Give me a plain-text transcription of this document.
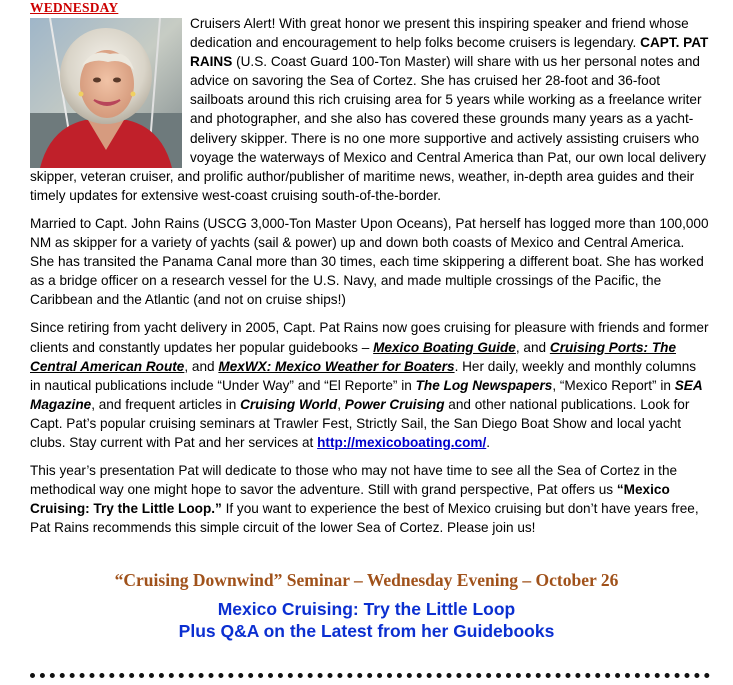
WEDNESDAY

Cruisers Alert! With great honor we present this inspiring speaker and friend whose dedication and encouragement to help folks become cruisers is legendary. CAPT. PAT RAINS (U.S. Coast Guard 100-Ton Master) will share with us her personal notes and advice on savoring the Sea of Cortez. She has cruised her 28-foot and 36-foot sailboats around this rich cruising area for 5 years while working as a freelance writer and photographer, and she also has covered these grounds many years as a yacht-delivery skipper. There is no one more supportive and actively assisting cruisers who voyage the waterways of Mexico and Central America than Pat, our own local delivery skipper, veteran cruiser, and prolific author/publisher of maritime news, weather, in-depth area guides and their timely updates for extensive west-coast cruising south-of-the-border.

Married to Capt. John Rains (USCG 3,000-Ton Master Upon Oceans), Pat herself has logged more than 100,000 NM as skipper for a variety of yachts (sail & power) up and down both coasts of Mexico and Central America. She has transited the Panama Canal more than 30 times, each time skippering a different boat. She has worked as a bridge officer on a research vessel for the U.S. Navy, and made multiple crossings of the Pacific, the Caribbean and the Atlantic (and not on cruise ships!)

Since retiring from yacht delivery in 2005, Capt. Pat Rains now goes cruising for pleasure with friends and former clients and constantly updates her popular guidebooks – Mexico Boating Guide, and Cruising Ports: The Central American Route, and MexWX: Mexico Weather for Boaters. Her daily, weekly and monthly columns in nautical publications include “Under Way” and “El Reporte” in The Log Newspapers, “Mexico Report” in SEA Magazine, and frequent articles in Cruising World, Power Cruising and other national publications. Look for Capt. Pat’s popular cruising seminars at Trawler Fest, Strictly Sail, the San Diego Boat Show and local yacht clubs. Stay current with Pat and her services at http://mexicoboating.com/.

This year’s presentation Pat will dedicate to those who may not have time to see all the Sea of Cortez in the methodical way one might hope to savor the adventure. Still with grand perspective, Pat offers us “Mexico Cruising: Try the Little Loop.” If you want to experience the best of Mexico cruising but don’t have years free, Pat Rains recommends this simple circuit of the lower Sea of Cortez. Please join us!

“Cruising Downwind” Seminar – Wednesday Evening – October 26
Mexico Cruising: Try the Little Loop
Plus Q&A on the Latest from her Guidebooks
